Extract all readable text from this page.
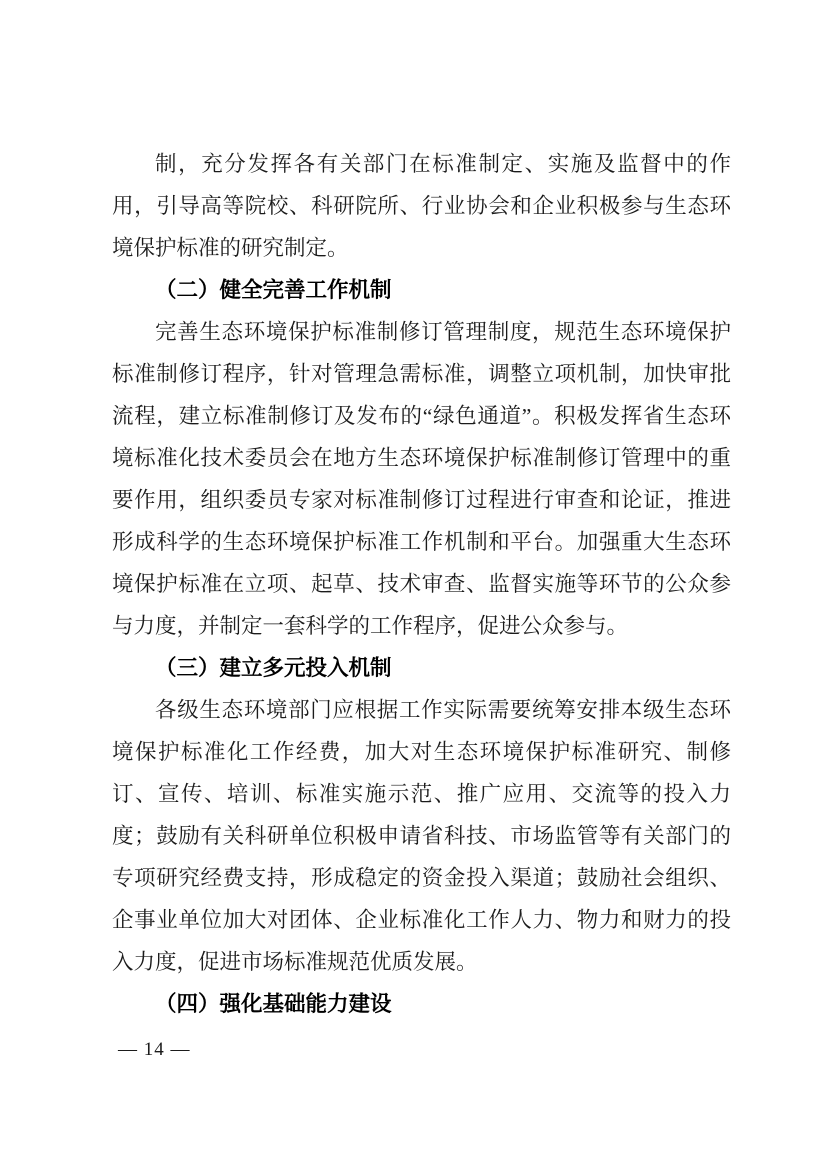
制，充分发挥各有关部门在标准制定、实施及监督中的作用，引导高等院校、科研院所、行业协会和企业积极参与生态环境保护标准的研究制定。

（二）健全完善工作机制

完善生态环境保护标准制修订管理制度，规范生态环境保护标准制修订程序，针对管理急需标准，调整立项机制，加快审批流程，建立标准制修订及发布的“绿色通道”。积极发挥省生态环境标准化技术委员会在地方生态环境保护标准制修订管理中的重要作用，组织委员专家对标准制修订过程进行审查和论证，推进形成科学的生态环境保护标准工作机制和平台。加强重大生态环境保护标准在立项、起草、技术审查、监督实施等环节的公众参与力度，并制定一套科学的工作程序，促进公众参与。

（三）建立多元投入机制

各级生态环境部门应根据工作实际需要统筹安排本级生态环境保护标准化工作经费，加大对生态环境保护标准研究、制修订、宣传、培训、标准实施示范、推广应用、交流等的投入力度；鼓励有关科研单位积极申请省科技、市场监管等有关部门的专项研究经费支持，形成稳定的资金投入渠道；鼓励社会组织、企事业单位加大对团体、企业标准化工作人力、物力和财力的投入力度，促进市场标准规范优质发展。

（四）强化基础能力建设
— 14 —
